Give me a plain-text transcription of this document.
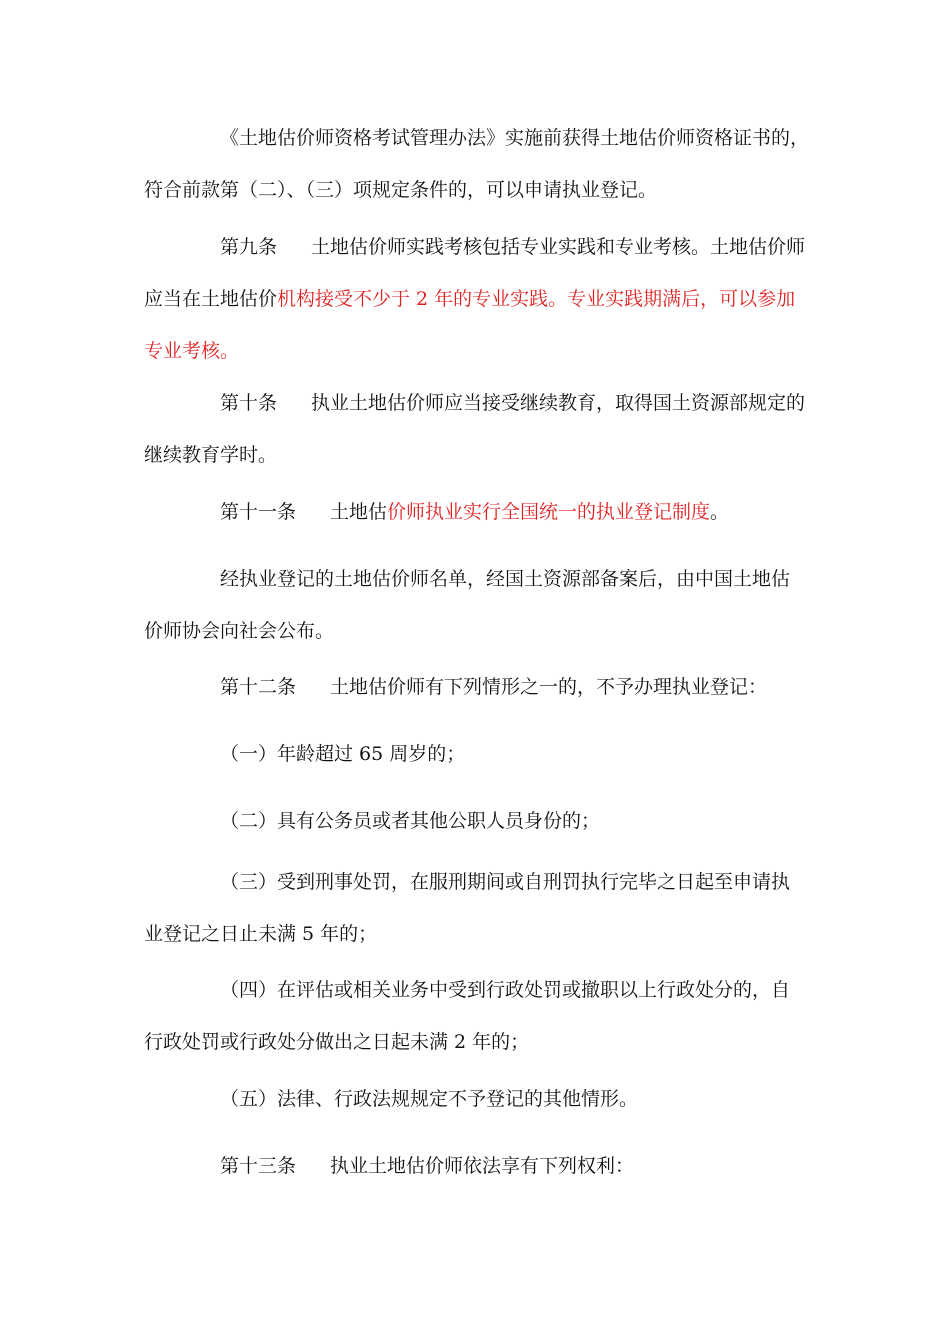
《土地估价师资格考试管理办法》实施前获得土地估价师资格证书的，
符合前款第（二）、（三）项规定条件的，可以申请执业登记。

第九条 土地估价师实践考核包括专业实践和专业考核。土地估价师
应当在土地估价机构接受不少于 2 年的专业实践。专业实践期满后，可以参加
专业考核。

第十条 执业土地估价师应当接受继续教育，取得国土资源部规定的
继续教育学时。

第十一条 土地估价师执业实行全国统一的执业登记制度。

经执业登记的土地估价师名单，经国土资源部备案后，由中国土地估
价师协会向社会公布。

第十二条 土地估价师有下列情形之一的，不予办理执业登记：

（一）年龄超过 65 周岁的；

（二）具有公务员或者其他公职人员身份的；

（三）受到刑事处罚，在服刑期间或自刑罚执行完毕之日起至申请执
业登记之日止未满 5 年的；

（四）在评估或相关业务中受到行政处罚或撤职以上行政处分的，自
行政处罚或行政处分做出之日起未满 2 年的；

（五）法律、行政法规规定不予登记的其他情形。

第十三条 执业土地估价师依法享有下列权利：
